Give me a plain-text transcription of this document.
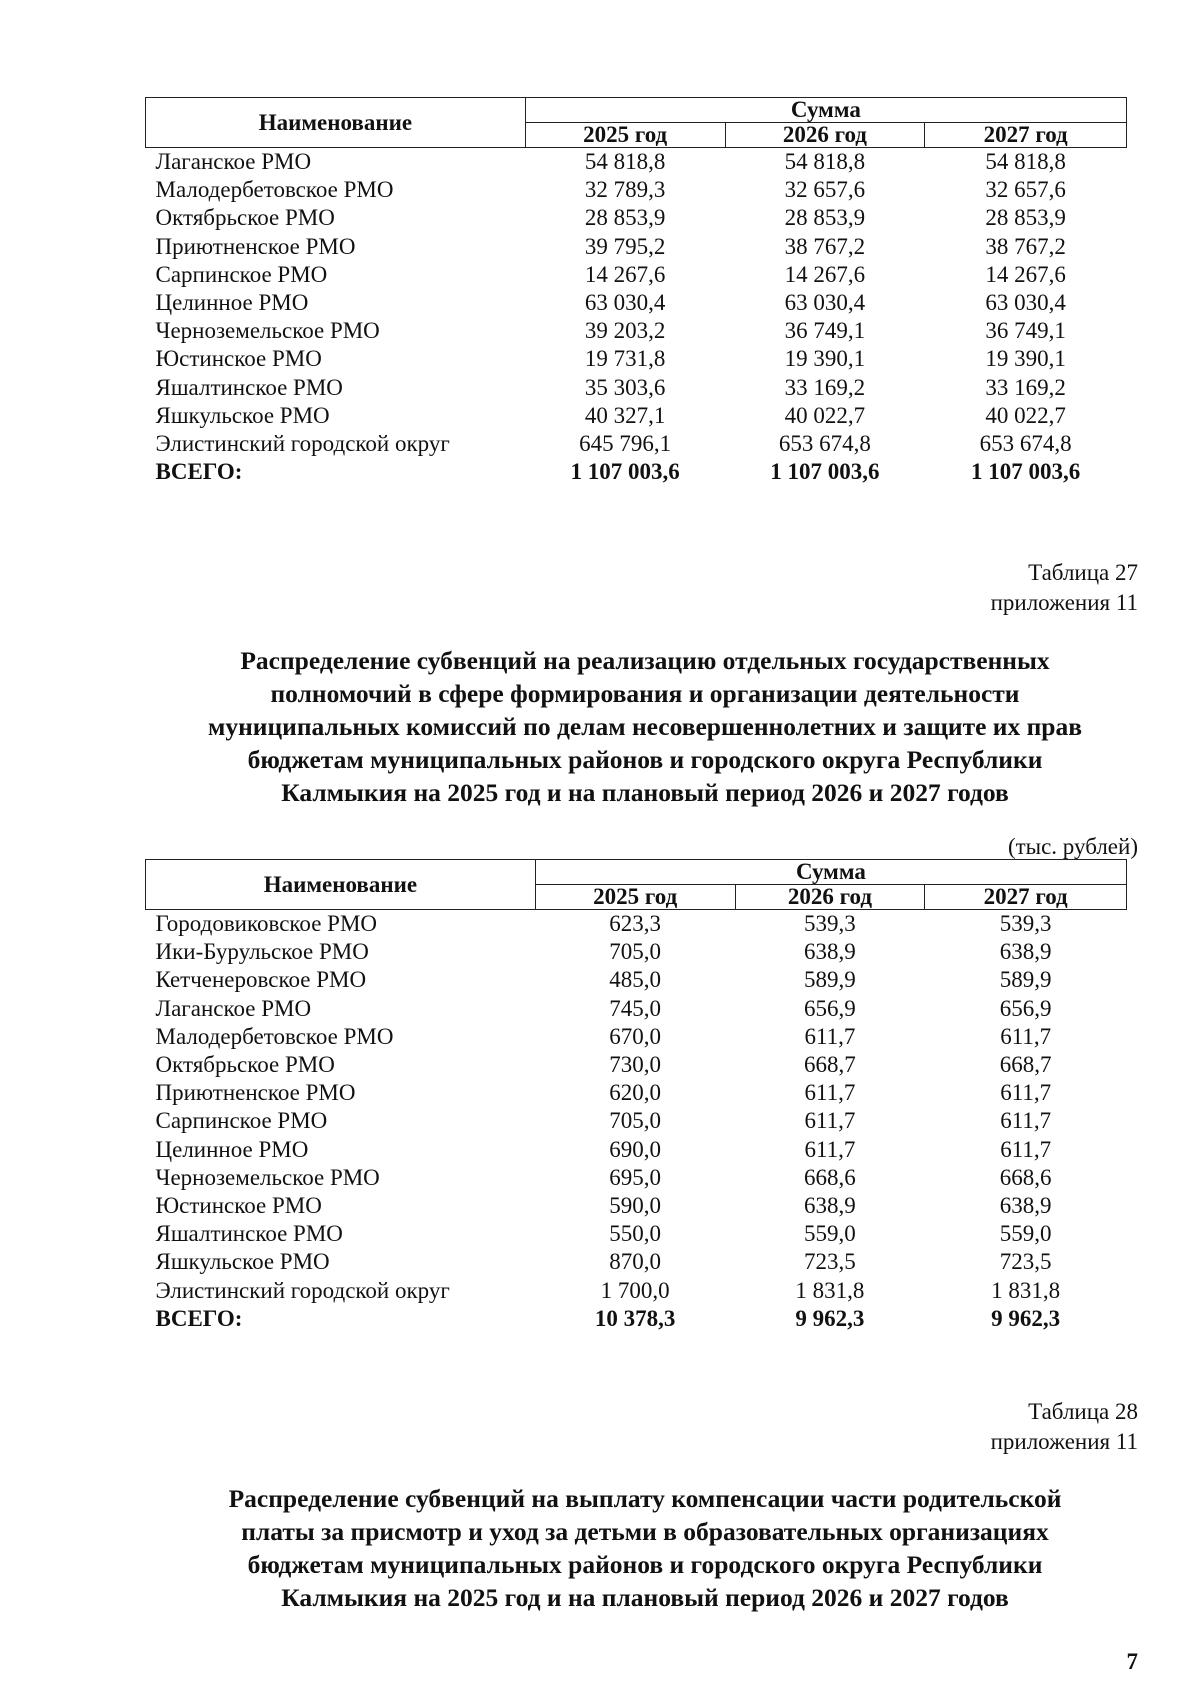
Наименование	Сумма		
	2025 год	2026 год	2027 год
Лаганское РМО	54 818,8	54 818,8	54 818,8
Малодербетовское РМО	32 789,3	32 657,6	32 657,6
Октябрьское РМО	28 853,9	28 853,9	28 853,9
Приютненское РМО	39 795,2	38 767,2	38 767,2
Сарпинское РМО	14 267,6	14 267,6	14 267,6
Целинное РМО	63 030,4	63 030,4	63 030,4
Черноземельское РМО	39 203,2	36 749,1	36 749,1
Юстинское РМО	19 731,8	19 390,1	19 390,1
Яшалтинское РМО	35 303,6	33 169,2	33 169,2
Яшкульское РМО	40 327,1	40 022,7	40 022,7
Элистинский городской округ	645 796,1	653 674,8	653 674,8
ВСЕГО:	1 107 003,6	1 107 003,6	1 107 003,6
Таблица 27
приложения 11
Распределение субвенций на реализацию отдельных государственных
полномочий в сфере формирования и организации деятельности
муниципальных комиссий по делам несовершеннолетних и защите их прав
бюджетам муниципальных районов и городского округа Республики
Калмыкия на 2025 год и на плановый период 2026 и 2027 годов
(тыс. рублей)
Наименование	Сумма		
	2025 год	2026 год	2027 год
Городовиковское РМО	623,3	539,3	539,3
Ики-Бурульское РМО	705,0	638,9	638,9
Кетченеровское РМО	485,0	589,9	589,9
Лаганское РМО	745,0	656,9	656,9
Малодербетовское РМО	670,0	611,7	611,7
Октябрьское РМО	730,0	668,7	668,7
Приютненское РМО	620,0	611,7	611,7
Сарпинское РМО	705,0	611,7	611,7
Целинное РМО	690,0	611,7	611,7
Черноземельское РМО	695,0	668,6	668,6
Юстинское РМО	590,0	638,9	638,9
Яшалтинское РМО	550,0	559,0	559,0
Яшкульское РМО	870,0	723,5	723,5
Элистинский городской округ	1 700,0	1 831,8	1 831,8
ВСЕГО:	10 378,3	9 962,3	9 962,3
Таблица 28
приложения 11
Распределение субвенций на выплату компенсации части родительской
платы за присмотр и уход за детьми в образовательных организациях
бюджетам муниципальных районов и городского округа Республики
Калмыкия на 2025 год и на плановый период 2026 и 2027 годов
7
